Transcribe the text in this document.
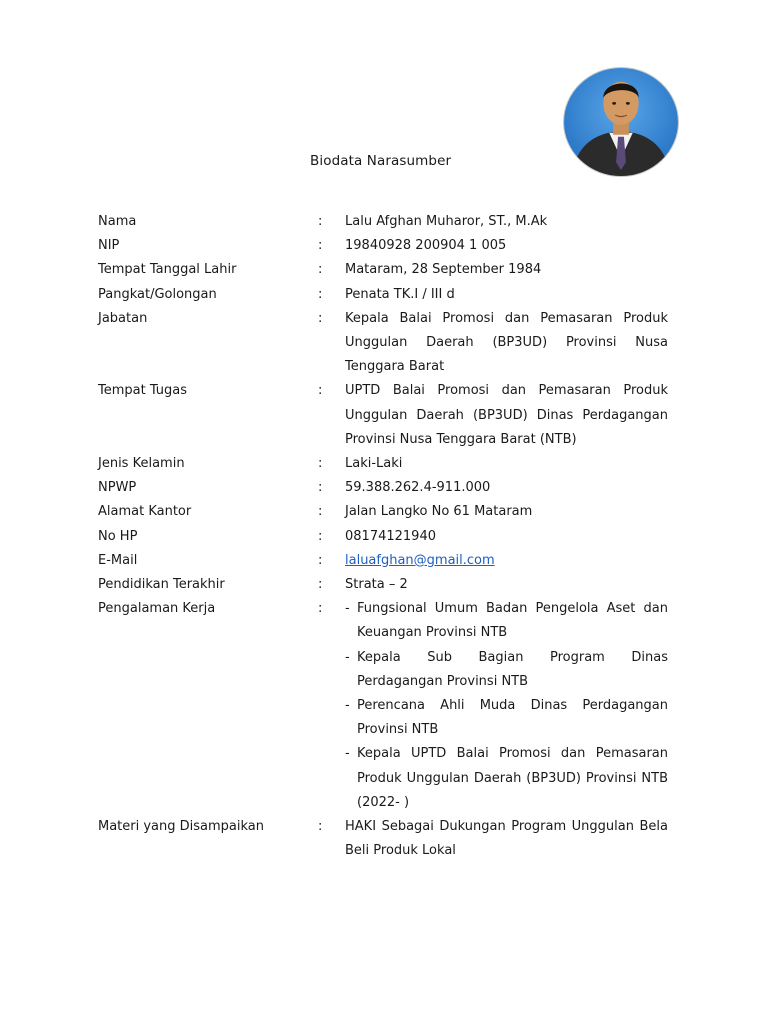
Biodata Narasumber
Nama	:	Lalu Afghan Muharor, ST., M.Ak
NIP	:	19840928 200904 1 005
Tempat Tanggal Lahir	:	Mataram, 28 September 1984
Pangkat/Golongan	:	Penata TK.I / III d
Jabatan	:	Kepala Balai Promosi dan Pemasaran Produk Unggulan Daerah (BP3UD) Provinsi Nusa Tenggara Barat
Tempat Tugas	:	UPTD Balai Promosi dan Pemasaran Produk Unggulan Daerah (BP3UD) Dinas Perdagangan Provinsi Nusa Tenggara Barat (NTB)
Jenis Kelamin	:	Laki-Laki
NPWP	:	59.388.262.4-911.000
Alamat Kantor	:	Jalan Langko No 61 Mataram
No HP	:	08174121940
E-Mail	:	laluafghan@gmail.com
Pendidikan Terakhir	:	Strata – 2
Pengalaman Kerja	:	- Fungsional Umum Badan Pengelola Aset dan Keuangan Provinsi NTB
- Kepala Sub Bagian Program Dinas Perdagangan Provinsi NTB
- Perencana Ahli Muda Dinas Perdagangan Provinsi NTB
- Kepala UPTD Balai Promosi dan Pemasaran Produk Unggulan Daerah (BP3UD) Provinsi NTB (2022- )
Materi yang Disampaikan	:	HAKI Sebagai Dukungan Program Unggulan Bela Beli Produk Lokal
